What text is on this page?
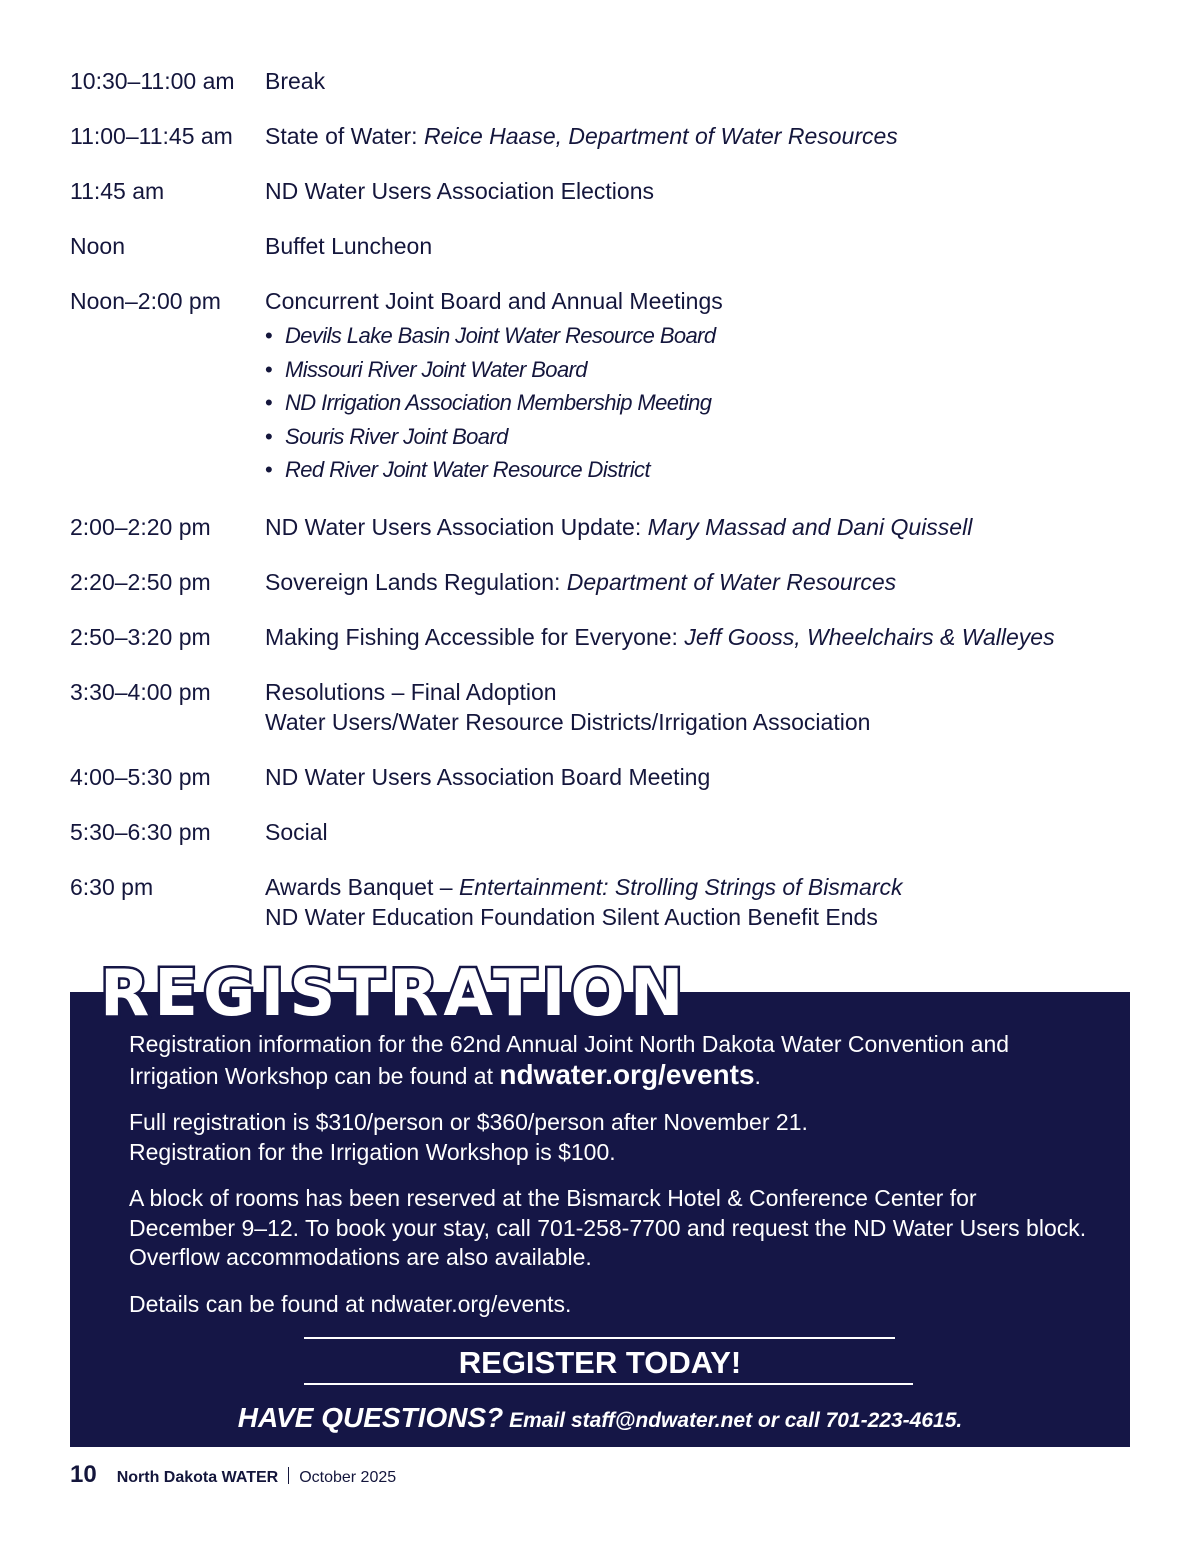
10:30–11:00 am	Break
11:00–11:45 am	State of Water: Reice Haase, Department of Water Resources
11:45 am	ND Water Users Association Elections
Noon	Buffet Luncheon
Noon–2:00 pm	Concurrent Joint Board and Annual Meetings
• Devils Lake Basin Joint Water Resource Board
• Missouri River Joint Water Board
• ND Irrigation Association Membership Meeting
• Souris River Joint Board
• Red River Joint Water Resource District
2:00–2:20 pm	ND Water Users Association Update: Mary Massad and Dani Quissell
2:20–2:50 pm	Sovereign Lands Regulation: Department of Water Resources
2:50–3:20 pm	Making Fishing Accessible for Everyone: Jeff Gooss, Wheelchairs & Walleyes
3:30–4:00 pm	Resolutions – Final Adoption
Water Users/Water Resource Districts/Irrigation Association
4:00–5:30 pm	ND Water Users Association Board Meeting
5:30–6:30 pm	Social
6:30 pm	Awards Banquet – Entertainment: Strolling Strings of Bismarck
ND Water Education Foundation Silent Auction Benefit Ends
REGISTRATION

Registration information for the 62nd Annual Joint North Dakota Water Convention and Irrigation Workshop can be found at ndwater.org/events.

Full registration is $310/person or $360/person after November 21.
Registration for the Irrigation Workshop is $100.

A block of rooms has been reserved at the Bismarck Hotel & Conference Center for December 9–12. To book your stay, call 701-258-7700 and request the ND Water Users block. Overflow accommodations are also available.

Details can be found at ndwater.org/events.

REGISTER TODAY!

HAVE QUESTIONS? Email staff@ndwater.net or call 701-223-4615.

10 North Dakota WATER October 2025
